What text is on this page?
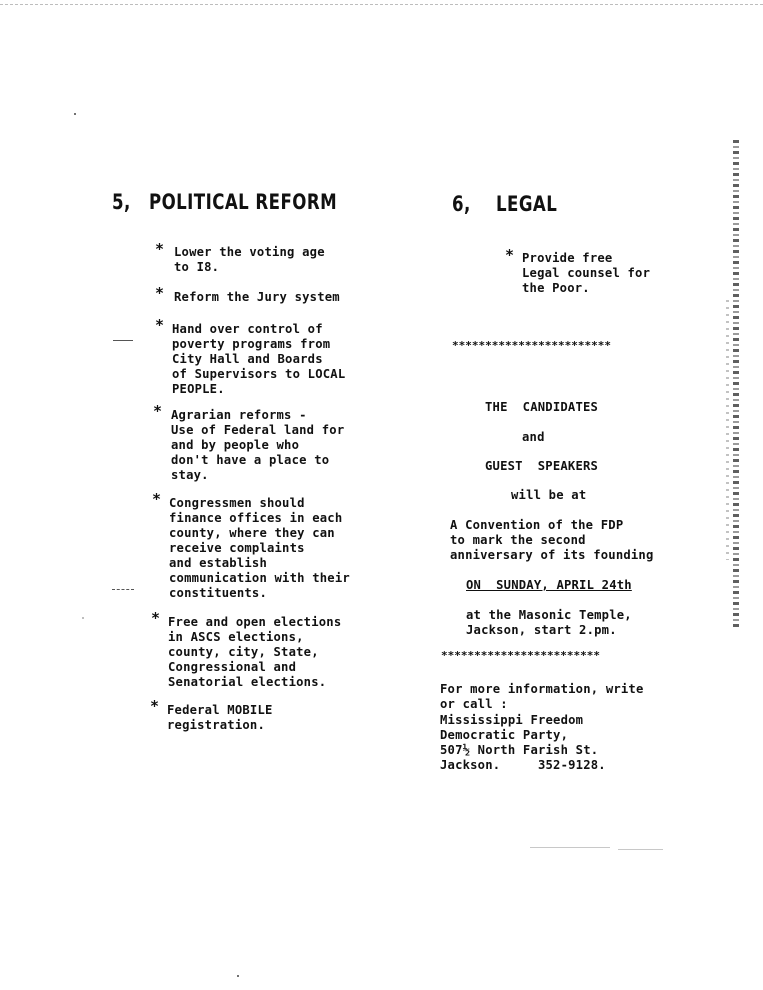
5, POLITICAL REFORM
* Lower the voting age
to I8.
* Reform the Jury system
* Hand over control of
poverty programs from
City Hall and Boards
of Supervisors to LOCAL
PEOPLE.
* Agrarian reforms -
Use of Federal land for
and by people who
don't have a place to
stay.
* Congressmen should
finance offices in each
county, where they can
receive complaints
and establish
communication with their
constituents.
* Free and open elections
in ASCS elections,
county, city, State,
Congressional and
Senatorial elections.
* Federal MOBILE
registration.
6, LEGAL
* Provide free
Legal counsel for
the Poor.
************************
THE  CANDIDATES
and
GUEST  SPEAKERS
will be at
A Convention of the FDP
to mark the second
anniversary of its founding
ON  SUNDAY, APRIL 24th
at the Masonic Temple,
Jackson, start 2.pm.
************************
For more information, write
or call :
Mississippi Freedom
Democratic Party,
507½ North Farish St.
Jackson.     352-9128.
